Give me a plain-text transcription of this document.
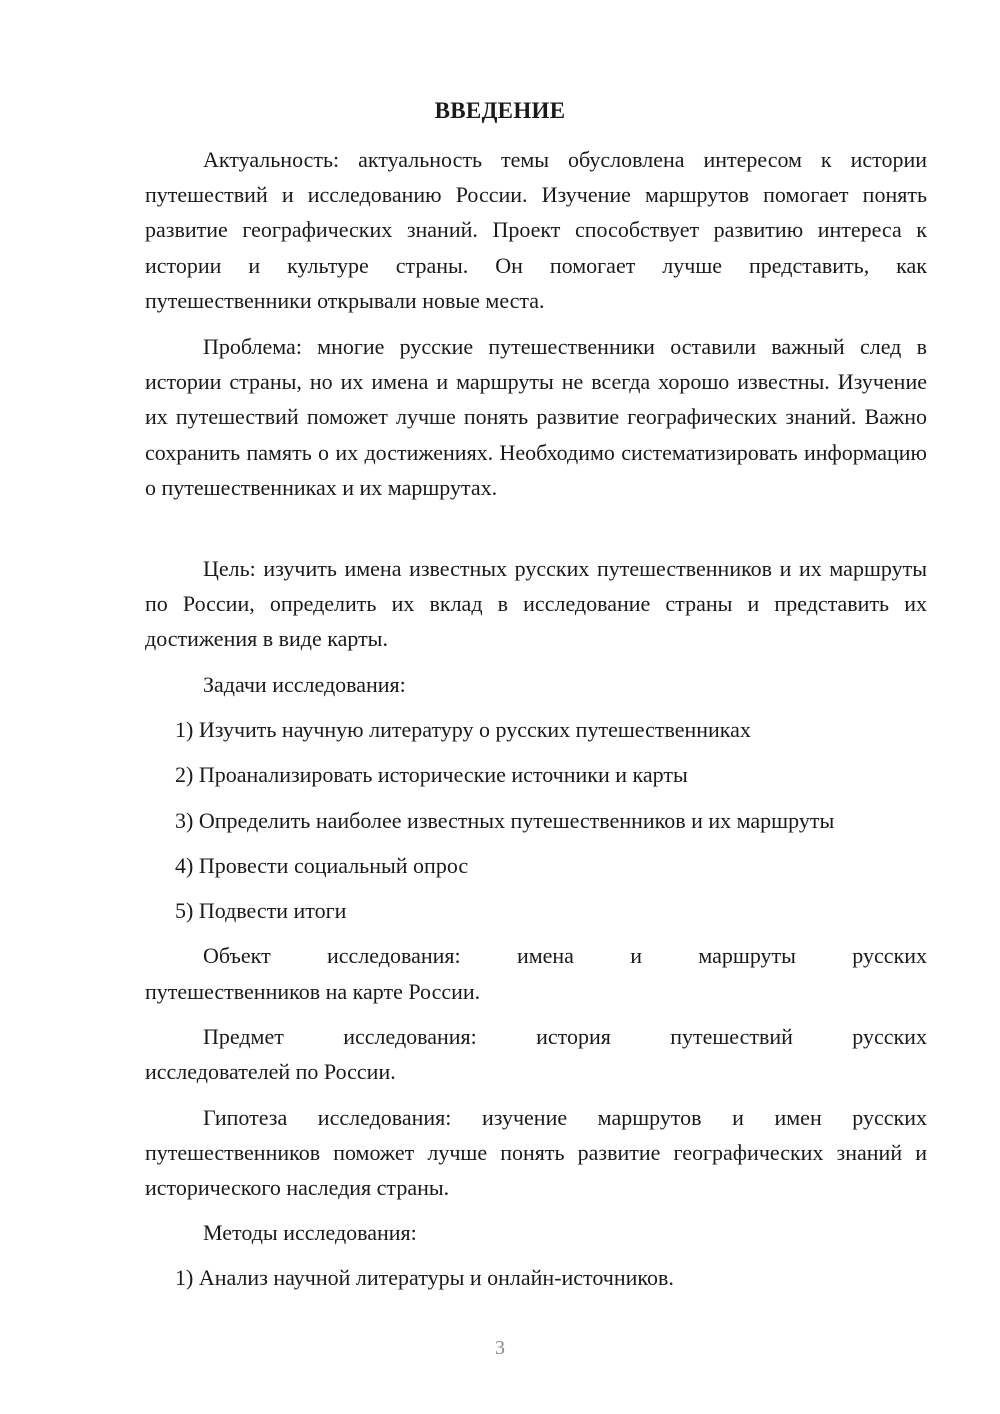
ВВЕДЕНИЕ

Актуальность: актуальность темы обусловлена интересом к истории путешествий и исследованию России. Изучение маршрутов помогает понять развитие географических знаний. Проект способствует развитию интереса к истории и культуре страны. Он помогает лучше представить, как путешественники открывали новые места.

Проблема: многие русские путешественники оставили важный след в истории страны, но их имена и маршруты не всегда хорошо известны. Изучение их путешествий поможет лучше понять развитие географических знаний. Важно сохранить память о их достижениях. Необходимо систематизировать информацию о путешественниках и их маршрутах.

Цель: изучить имена известных русских путешественников и их маршруты по России, определить их вклад в исследование страны и представить их достижения в виде карты.

Задачи исследования:
1) Изучить научную литературу о русских путешественниках
2) Проанализировать исторические источники и карты
3) Определить наиболее известных путешественников и их маршруты
4) Провести социальный опрос
5) Подвести итоги
Объект	исследования:	имена	и	маршруты	русских
путешественников на карте России.
Предмет	исследования:	история	путешествий	русских
исследователей по России.

Гипотеза исследования: изучение маршрутов и имен русских путешественников поможет лучше понять развитие географических знаний и исторического наследия страны.

Методы исследования:
1) Анализ научной литературы и онлайн-источников.
3
